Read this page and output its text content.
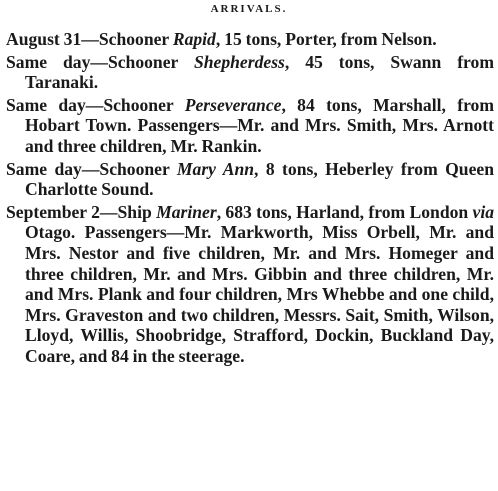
ARRIVALS.

August 31—Schooner Rapid, 15 tons, Porter, from Nelson.

Same day—Schooner Shepherdess, 45 tons, Swann from Taranaki.

Same day—Schooner Perseverance, 84 tons, Marshall, from Hobart Town. Passengers—Mr. and Mrs. Smith, Mrs. Arnott and three children, Mr. Rankin.

Same day—Schooner Mary Ann, 8 tons, Heberley from Queen Charlotte Sound.

September 2—Ship Mariner, 683 tons, Harland, from London via Otago. Passengers—Mr. Markworth, Miss Orbell, Mr. and Mrs. Nestor and five children, Mr. and Mrs. Homeger and three children, Mr. and Mrs. Gibbin and three children, Mr. and Mrs. Plank and four children, Mrs Whebbe and one child, Mrs. Graveston and two children, Messrs. Sait, Smith, Wilson, Lloyd, Willis, Shoobridge, Strafford, Dockin, Buckland Day, Coare, and 84 in the steerage.
